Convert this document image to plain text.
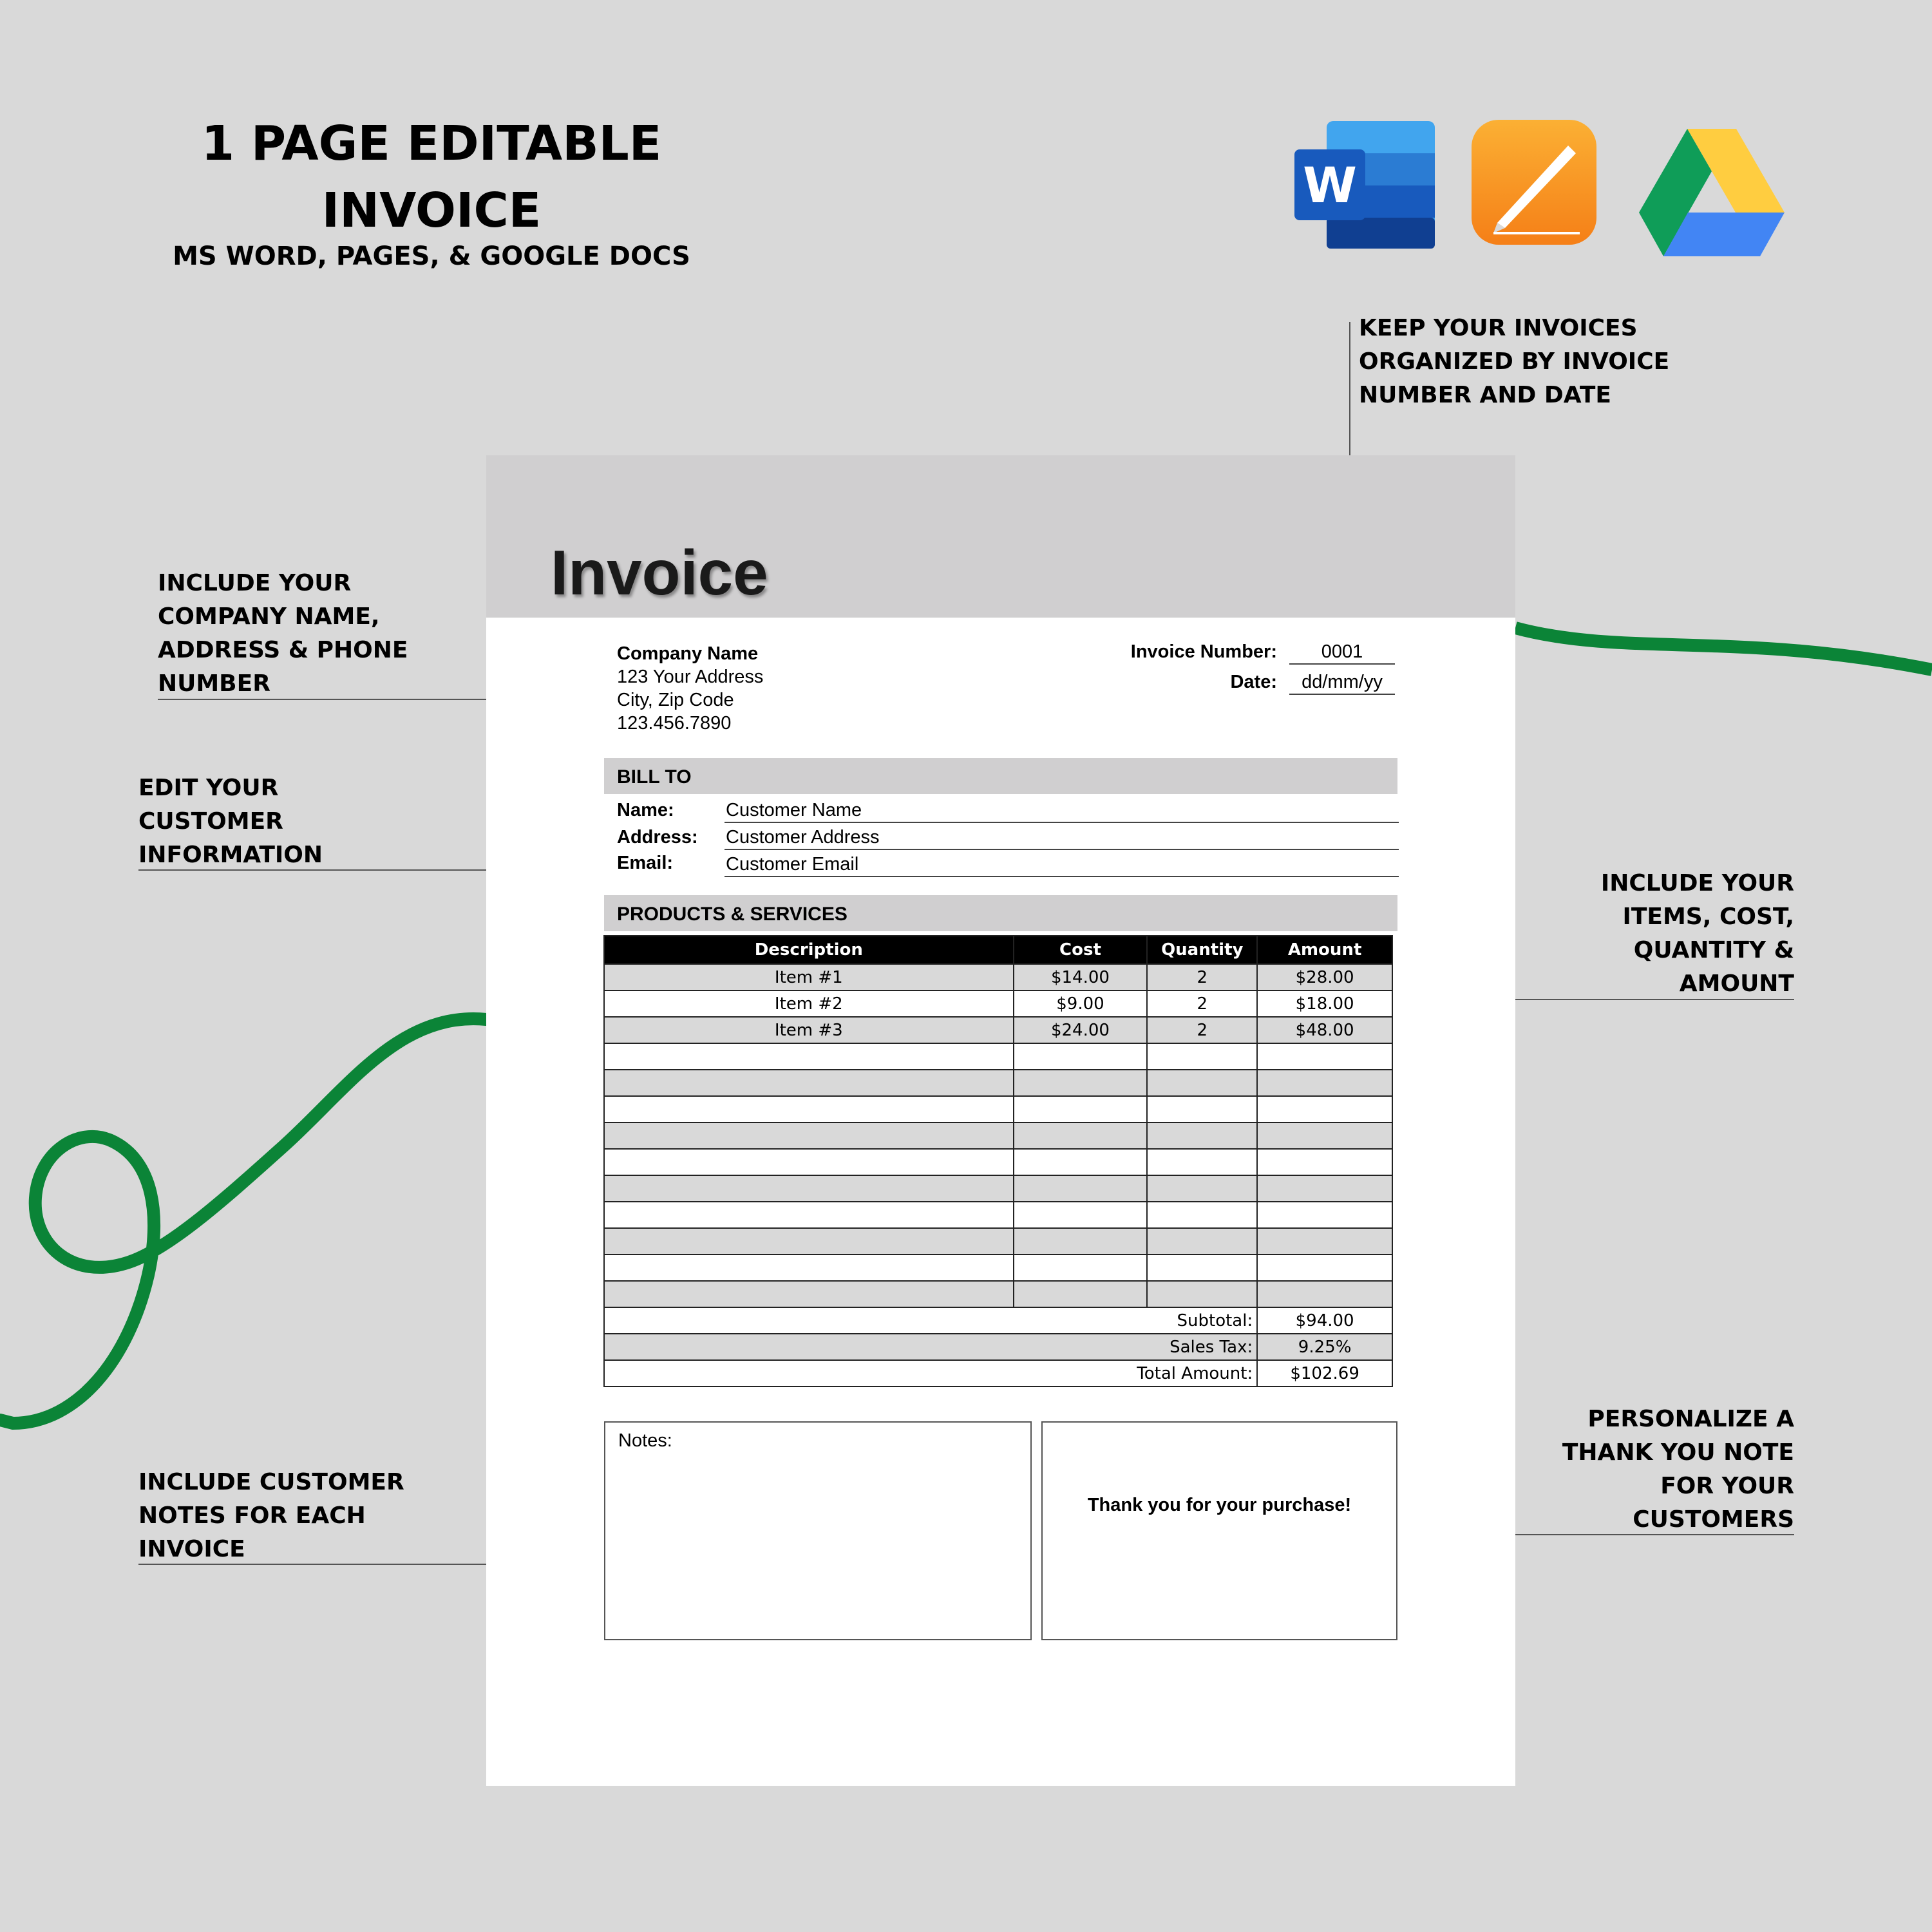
1 PAGE EDITABLE
INVOICE
MS WORD, PAGES, & GOOGLE DOCS
W
KEEP YOUR INVOICES
ORGANIZED BY INVOICE
NUMBER AND DATE
INCLUDE YOUR
COMPANY NAME,
ADDRESS & PHONE
NUMBER
EDIT YOUR
CUSTOMER
INFORMATION
INCLUDE YOUR
ITEMS, COST,
QUANTITY &
AMOUNT
INCLUDE CUSTOMER
NOTES FOR EACH
INVOICE
PERSONALIZE A
THANK YOU NOTE
FOR YOUR
CUSTOMERS
Invoice
Company Name
123 Your Address
City, Zip Code
123.456.7890
Invoice Number:	0001
Date:	dd/mm/yy
BILL TO
Name:	Customer Name
Address: Customer Address
Email:	Customer Email
PRODUCTS & SERVICES
Description	Cost	Quantity	Amount
Item #1	$14.00	2	$28.00
Item #2	$9.00	2	$18.00
Item #3	$24.00	2	$48.00

Subtotal:			$94.00
Sales Tax:			9.25%
Total Amount:			$102.69
Notes:
Thank you for your purchase!
